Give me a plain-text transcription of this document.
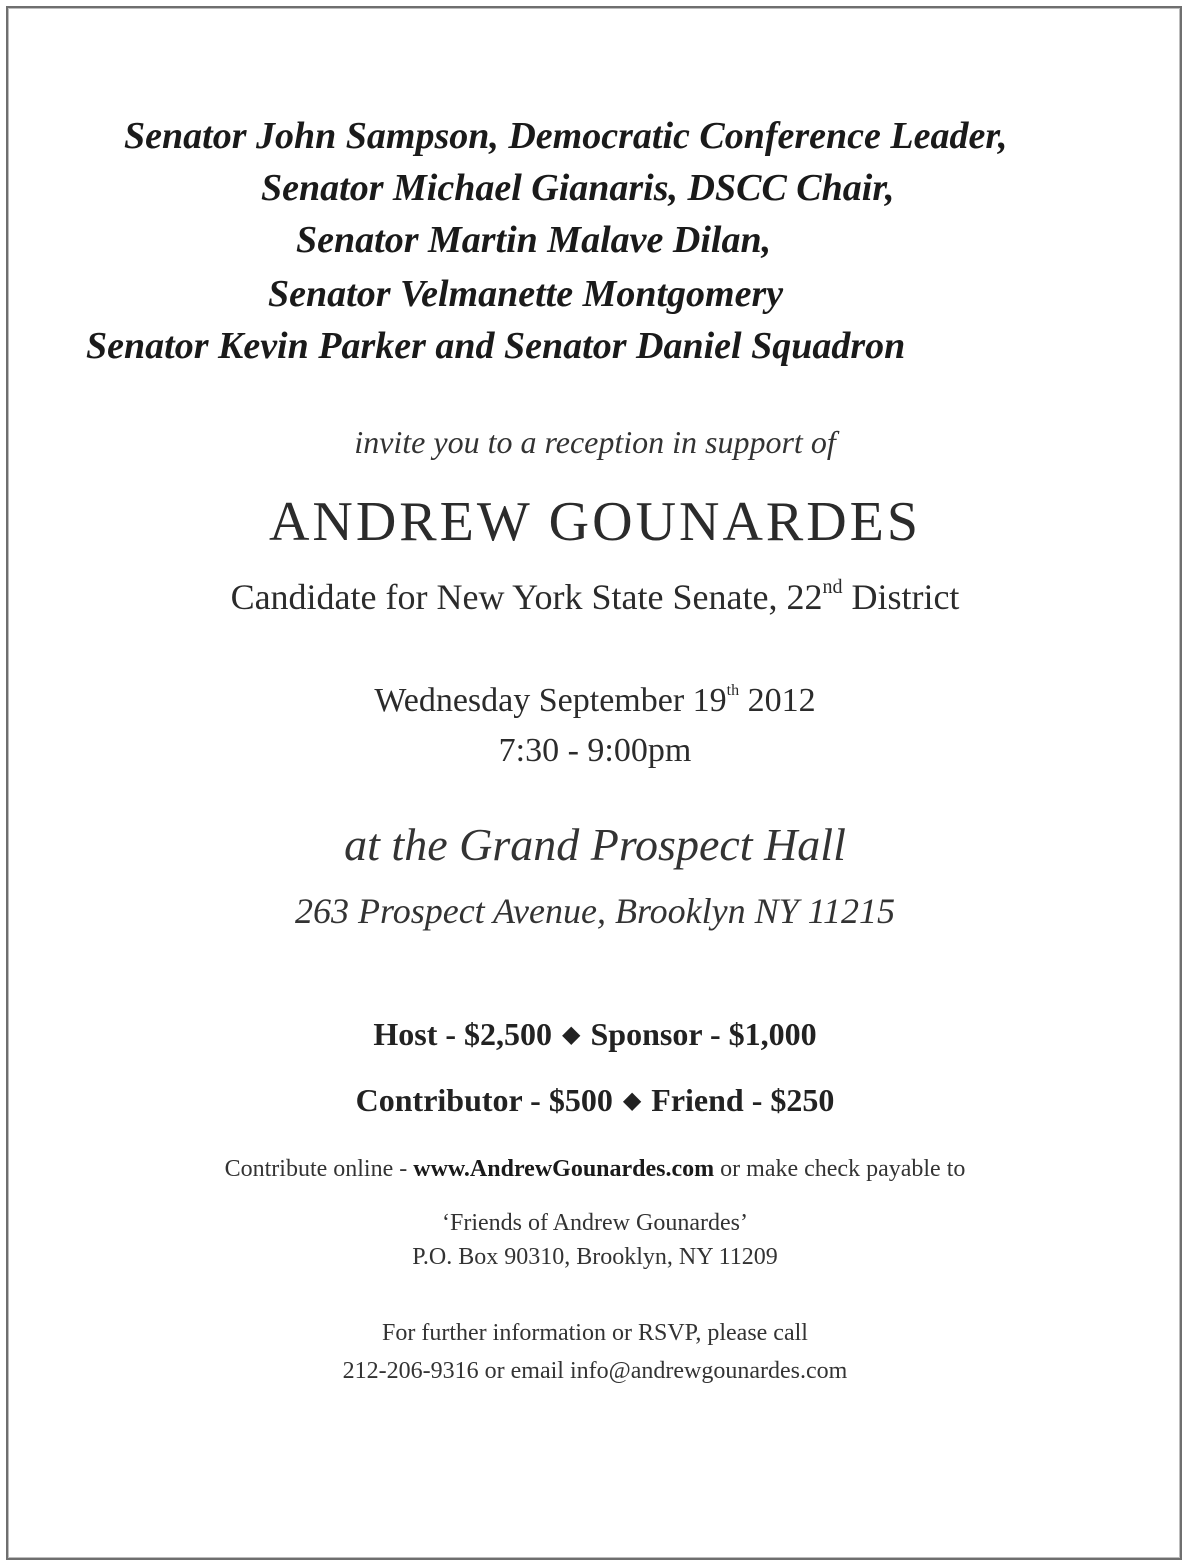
Senator John Sampson, Democratic Conference Leader,
Senator Michael Gianaris, DSCC Chair,
Senator Martin Malave Dilan,
Senator Velmanette Montgomery
Senator Kevin Parker and Senator Daniel Squadron
invite you to a reception in support of
ANDREW GOUNARDES
Candidate for New York State Senate, 22nd District
Wednesday September 19th 2012
7:30 - 9:00pm
at the Grand Prospect Hall
263 Prospect Avenue, Brooklyn NY 11215
Host - $2,500 ◆ Sponsor - $1,000
Contributor - $500 ◆ Friend - $250
Contribute online - www.AndrewGounardes.com or make check payable to
‘Friends of Andrew Gounardes’
P.O. Box 90310, Brooklyn, NY 11209
For further information or RSVP, please call
212-206-9316 or email info@andrewgounardes.com
